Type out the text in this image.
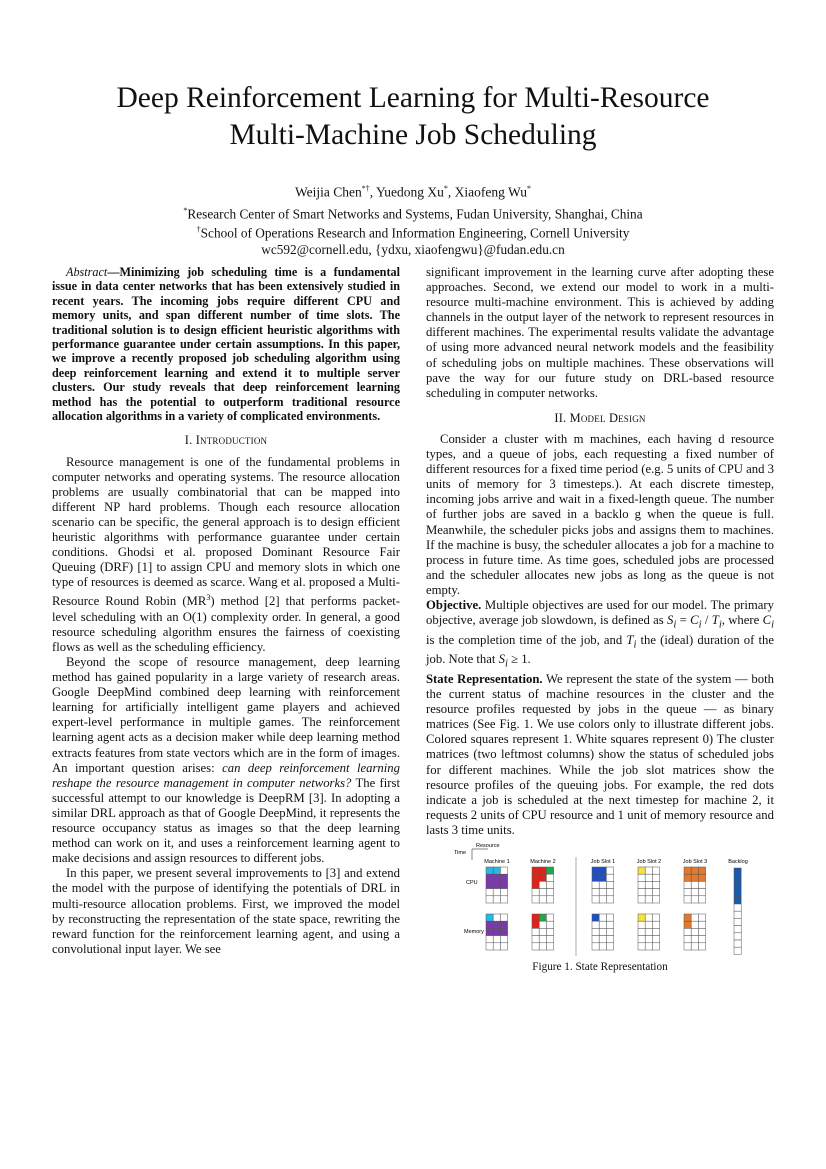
Deep Reinforcement Learning for Multi-Resource
Multi-Machine Job Scheduling
Weijia Chen*†, Yuedong Xu*, Xiaofeng Wu*
*Research Center of Smart Networks and Systems, Fudan University, Shanghai, China
†School of Operations Research and Information Engineering, Cornell University
wc592@cornell.edu, {ydxu, xiaofengwu}@fudan.edu.cn

Abstract—Minimizing job scheduling time is a fundamental issue in data center networks that has been extensively studied in recent years. The incoming jobs require different CPU and memory units, and span different number of time slots. The traditional solution is to design efficient heuristic algorithms with performance guarantee under certain assumptions. In this paper, we improve a recently proposed job scheduling algorithm using deep reinforcement learning and extend it to multiple server clusters. Our study reveals that deep reinforcement learning method has the potential to outperform traditional resource allocation algorithms in a variety of complicated environments.

I. Introduction

Resource management is one of the fundamental problems in computer networks and operating systems. The resource allocation problems are usually combinatorial that can be mapped into different NP hard problems. Though each resource allocation scenario can be specific, the general approach is to design efficient heuristic algorithms with performance guarantee under certain conditions. Ghodsi et al. proposed Dominant Resource Fair Queuing (DRF) [1] to assign CPU and memory slots in which one type of resources is deemed as scarce. Wang et al. proposed a Multi-Resource Round Robin $(MR^3)$ method [2] that performs packet-level scheduling with an O(1) complexity order. In general, a good resource scheduling algorithm ensures the fairness of coexisting flows as well as the scheduling efficiency.

Beyond the scope of resource management, deep learning method has gained popularity in a large variety of research areas. Google DeepMind combined deep learning with reinforcement learning for artificially intelligent game players and achieved expert-level performance in multiple games. The reinforcement learning agent acts as a decision maker while deep learning method extracts features from state vectors which are in the form of images. An important question arises: can deep reinforcement learning reshape the resource management in computer networks? The first successful attempt to our knowledge is DeepRM [3]. In adopting a similar DRL approach as that of Google DeepMind, it represents the resource occupancy status as images so that the deep learning method can work on it, and uses a reinforcement learning agent to make decisions and assign resources to different jobs.

In this paper, we present several improvements to [3] and extend the model with the purpose of identifying the potentials of DRL in multi-resource allocation problems. First, we improved the model by reconstructing the representation of the state space, rewriting the reward function for the reinforcement learning agent, and using a convolutional input layer. We see

significant improvement in the learning curve after adopting these approaches. Second, we extend our model to work in a multi-resource multi-machine environment. This is achieved by adding channels in the output layer of the network to represent resources in different machines. The experimental results validate the advantage of using more advanced neural network models and the feasibility of scheduling jobs on multiple machines. These observations will pave the way for our future study on DRL-based resource scheduling in computer networks.

II. Model Design

Consider a cluster with m machines, each having d resource types, and a queue of jobs, each requesting a fixed number of different resources for a fixed time period (e.g. 5 units of CPU and 3 units of memory for 3 timesteps.). At each discrete timestep, incoming jobs arrive and wait in a fixed-length queue. The number of further jobs are saved in a backlo g when the queue is full. Meanwhile, the scheduler picks jobs and assigns them to machines. If the machine is busy, the scheduler allocates a job for a machine to process in future time. As time goes, scheduled jobs are processed and the scheduler allocates new jobs as long as the queue is not empty.

Objective. Multiple objectives are used for our model. The primary objective, average job slowdown, is defined as $S_i = C_i / T_i$, where $C_i$ is the completion time of the job, and $T_i$ the (ideal) duration of the job. Note that $S_i \ge 1$.

State Representation. We represent the state of the system — both the current status of machine resources in the cluster and the resource profiles requested by jobs in the queue — as binary matrices (See Fig. 1. We use colors only to illustrate different jobs. Colored squares represent 1. White squares represent 0) The cluster matrices (two leftmost columns) show the status of scheduled jobs for different machines. While the job slot matrices show the resource profiles of the queuing jobs. For example, the red dots indicate a job is scheduled at the next timestep for machine 2, it requests 2 units of CPU resource and 1 unit of memory resource and lasts 3 time units.

Resource
Time
CPU
Memory
Machine 1	Machine 2	Job Slot 1	Job Slot 2	Job Slot 3	Backlog
Figure 1. State Representation
